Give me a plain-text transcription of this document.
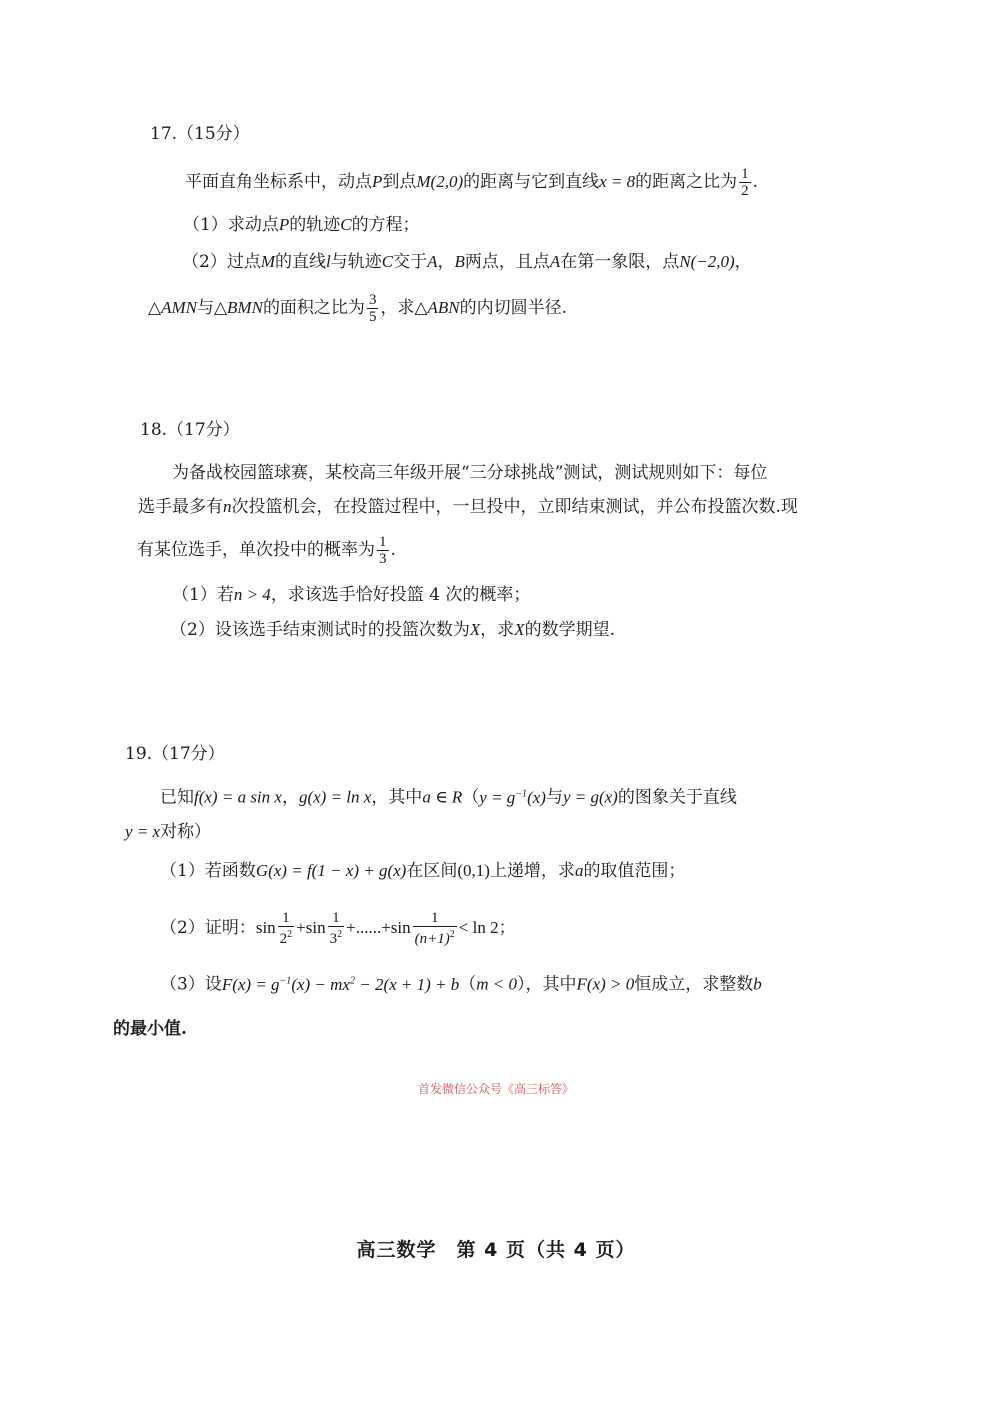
17.（15分）
平面直角坐标系中，动点P到点M(2,0)的距离与它到直线x = 8的距离之比为 $\frac{1}{2}$ .
（1）求动点P的轨迹C的方程；
（2）过点M的直线l与轨迹C交于A，B两点，且点A在第一象限，点N(−2,0)，
△AMN与△BMN的面积之比为 $\frac{3}{5}$ ，求△ABN的内切圆半径.
18.（17分）
为备战校园篮球赛，某校高三年级开展“三分球挑战”测试，测试规则如下：每位
选手最多有n次投篮机会，在投篮过程中，一旦投中，立即结束测试，并公布投篮次数.现
有某位选手，单次投中的概率为 $\frac{1}{3}$ .
（1）若n > 4，求该选手恰好投篮 4 次的概率；
（2）设该选手结束测试时的投篮次数为X，求X的数学期望.
19.（17分）
已知f(x) = a sin x，g(x) = ln x，其中a ∈ $R(y = g^{-1}(x)$与y = g(x)的图象关于直线
y = x对称）
（1）若函数G(x) = f(1 − x) + g(x)在区间(0,1)上递增，求a的取值范围；
（2）证明：$\sin \frac{1}{2^2} +\sin \frac{1}{3^2} +......+\sin \frac{1}{(n+1)^2} < \ln 2$；
（3）设$F(x) = g^{-1}(x) - mx^2 - 2(x + 1) + b(m < 0)$，其中F(x) > 0恒成立，求整数b
的最小值.
首发微信公众号《高三标答》
高三数学　第 4 页（共 4 页）
